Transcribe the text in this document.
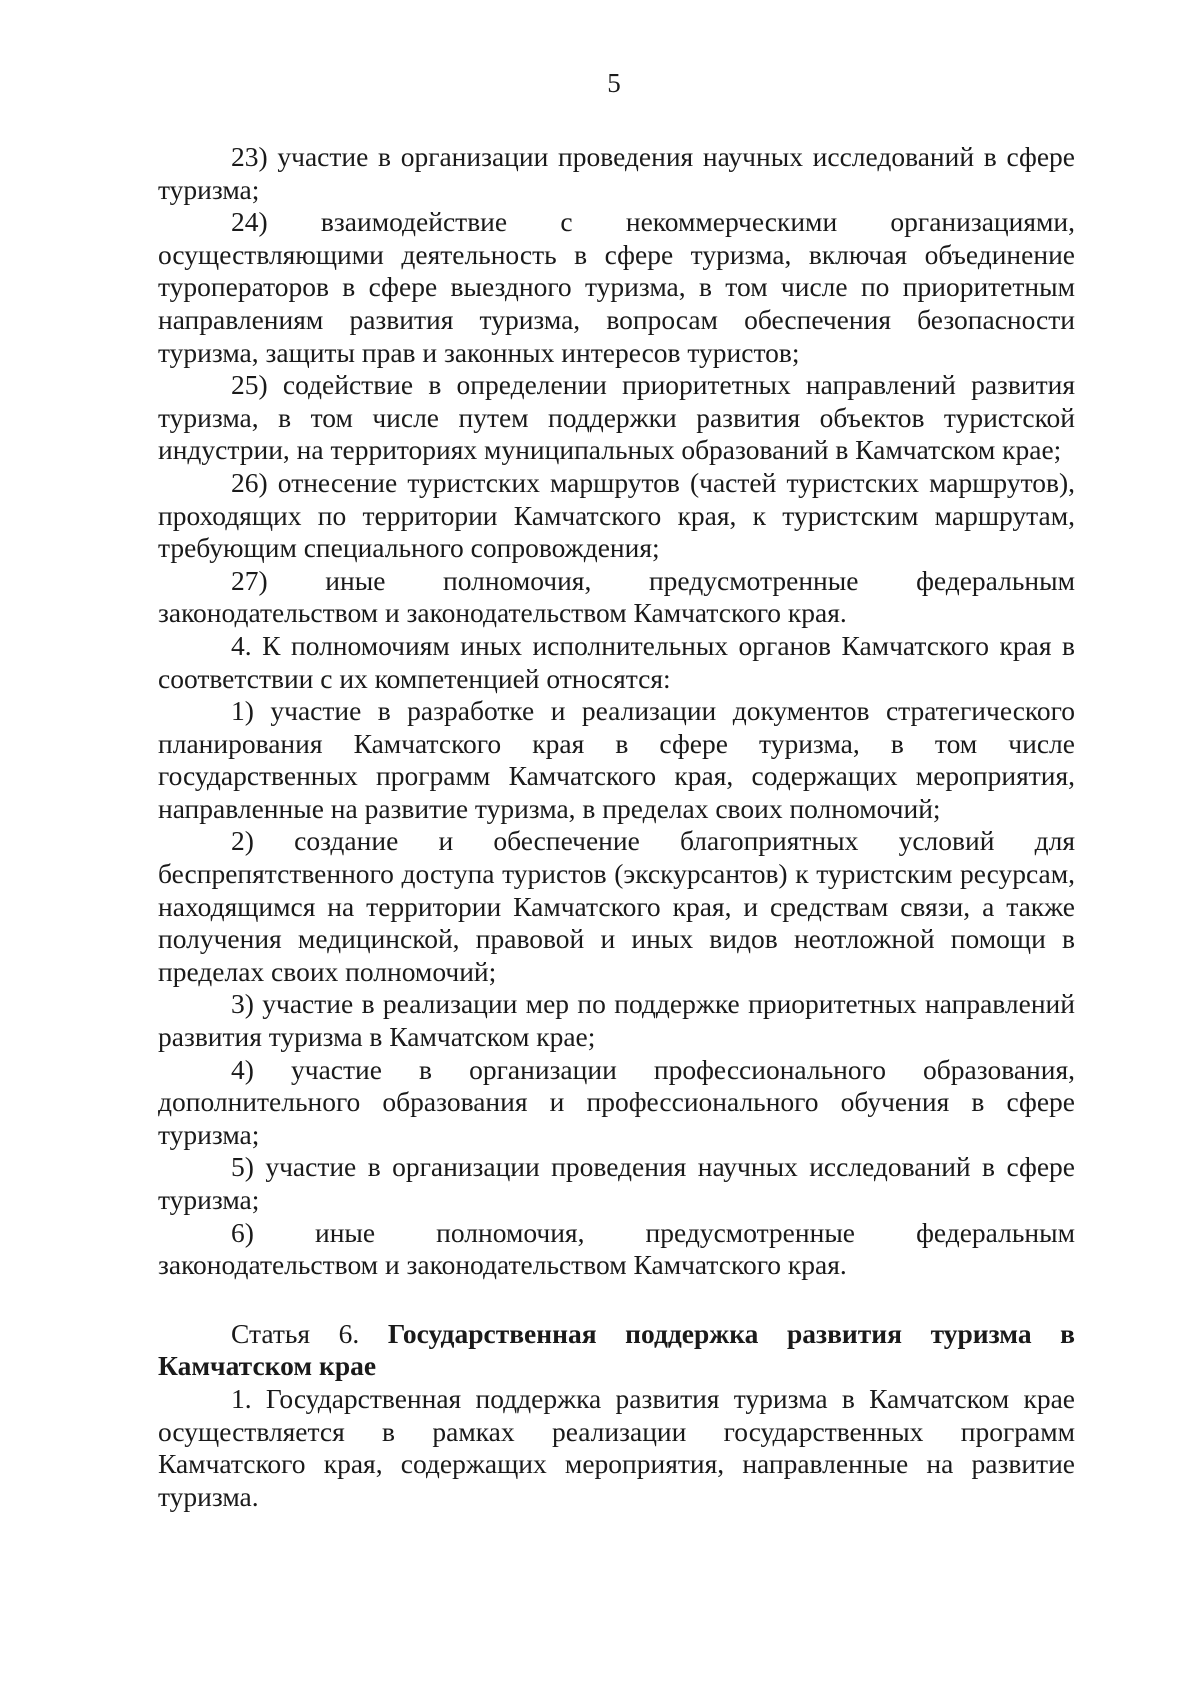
5

23) участие в организации проведения научных исследований в сфере туризма;

24) взаимодействие с некоммерческими организациями, осуществляющими деятельность в сфере туризма, включая объединение туроператоров в сфере выездного туризма, в том числе по приоритетным направлениям развития туризма, вопросам обеспечения безопасности туризма, защиты прав и законных интересов туристов;

25) содействие в определении приоритетных направлений развития туризма, в том числе путем поддержки развития объектов туристской индустрии, на территориях муниципальных образований в Камчатском крае;

26) отнесение туристских маршрутов (частей туристских маршрутов), проходящих по территории Камчатского края, к туристским маршрутам, требующим специального сопровождения;

27) иные полномочия, предусмотренные федеральным законодательством и законодательством Камчатского края.

4. К полномочиям иных исполнительных органов Камчатского края в соответствии с их компетенцией относятся:

1) участие в разработке и реализации документов стратегического планирования Камчатского края в сфере туризма, в том числе государственных программ Камчатского края, содержащих мероприятия, направленные на развитие туризма, в пределах своих полномочий;

2) создание и обеспечение благоприятных условий для беспрепятственного доступа туристов (экскурсантов) к туристским ресурсам, находящимся на территории Камчатского края, и средствам связи, а также получения медицинской, правовой и иных видов неотложной помощи в пределах своих полномочий;

3) участие в реализации мер по поддержке приоритетных направлений развития туризма в Камчатском крае;

4) участие в организации профессионального образования, дополнительного образования и профессионального обучения в сфере туризма;

5) участие в организации проведения научных исследований в сфере туризма;

6) иные полномочия, предусмотренные федеральным законодательством и законодательством Камчатского края.

Статья 6. Государственная поддержка развития туризма в Камчатском крае

1. Государственная поддержка развития туризма в Камчатском крае осуществляется в рамках реализации государственных программ Камчатского края, содержащих мероприятия, направленные на развитие туризма.
